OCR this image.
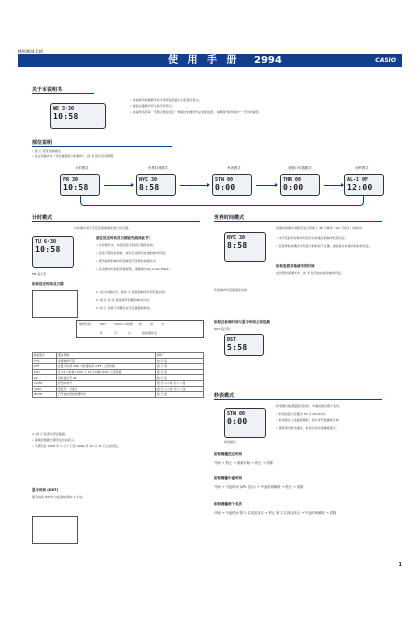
MA0904-CtA
使 用 手 册 2994	CASIO
关于本说明书
WE 3·30
10:58
• 本说明书的插图中有字母是指表面以白底黑字显示。
• 按钮以插图中所示的字母表示。
• 本说明书的每一节都记载在进行一种模式的操作所必需的信息，请参阅"参考资料"一节中的说明。
部位说明
• 按 Ⓒ 钮可选换模式。
• 在任何模式中（设定画面显示时除外），按 Ⓑ 钮可点亮照明。
计时模式	世界时间模式	秒表模式	倒数计时器模式	闹铃模式
FR 30
10:58
NYC 30
8:58
STW 00
0:00
THR 00
0:00
AL-1 0F
12:00
计时模式
计时模式用于设定及查看现在的日及日期。
TU 6·30
10:58
PM 指示符
请在设定时间及日期前先阅读此节！
• 计时模式中，本表所显示的是日期及时间。
• 设定日期及时间时，首先应选择所在地的城市代码。
• 您所选择的城市代码被用于世界时间模式中。
• 有关城市代码的详细说明，请参阅"City Code Table"。
如何设定时间及日期
1. 在计时模式中，按住 Ⓐ 钮直到城市代码开始闪动。
2. 按 Ⓓ 及 Ⓑ 钮选择所需要的城市代码。
3. 按 Ⓒ 钮按下列顺序在设定画面间移动。
城市代码	DST	12/24 小时制 秒	时	分
年	月	日	按钮操作音
画面显示	要这样做	操作
TYO	选择城市代码	按 Ⓓ 钮
OFF	在夏令时间 (ON) 与标准时间 (OFF) 之间选换	按 Ⓐ 钮
12H	在 12 小时制 (12H) 与 24 小时制 (24H) 之间选换	按 Ⓓ 钮
00	将秒复位至 00	按 Ⓓ 钮
10:58	改变时或分	按 Ⓓ (+) 或 Ⓑ (−) 钮
2010	改变年、月或日	按 Ⓓ (+) 或 Ⓑ (−) 钮
MUTE	打开或关闭按钮操作音	按 Ⓐ 钮
4. 按 Ⓐ 钮退出设定画面。
• 星期会根据日期设定自动显示。
• 日期可在 2000 年 1 月 1 日至 2099 年 12 月 31 日之间设定。
夏令时间 (DST)
夏令时间 (DST) 比标准时间快 1 小时。
世界时间模式
NYC 30
8:58
所选城市代码的现在时间
世界时间模式用数字显示世界上 48 个城市（29 个时区）的时间。
• 本手表的所有城市代码与计时模式的城市代码对应。
• 若世界时间模式中所显示的时间不正确，请检查计时模式的时间设定。
如何查看其他城市的时间
在世界时间模式中，按 Ⓓ 钮可向东卷动城市代码。
如何在标准时间与夏令时间之间选换
DST 指示符
DST
5:58
秒表模式
STW 00
0:00
秒表模式
秒表模式能测量经过时间、中途时间及两个名次。
• 秒表的显示范围为 59 分 59.99 秒。
• 秒表到达上述最高限时，将从零开始继续计时。
• 即使退出秒表模式，秒表计时仍将继续进行。
如何测量经过时间
开始 → 停止 → 重新开始 → 停止 → 清除
如何测量中途时间
开始 → 中途时间 (SPL 显示) → 中途时间解除 → 停止 → 清除
如何测量两个名次
开始 → 中途时间 第 1 名到达终点 → 停止 第 2 名到达终点 → 中途时间解除 → 清除
1
